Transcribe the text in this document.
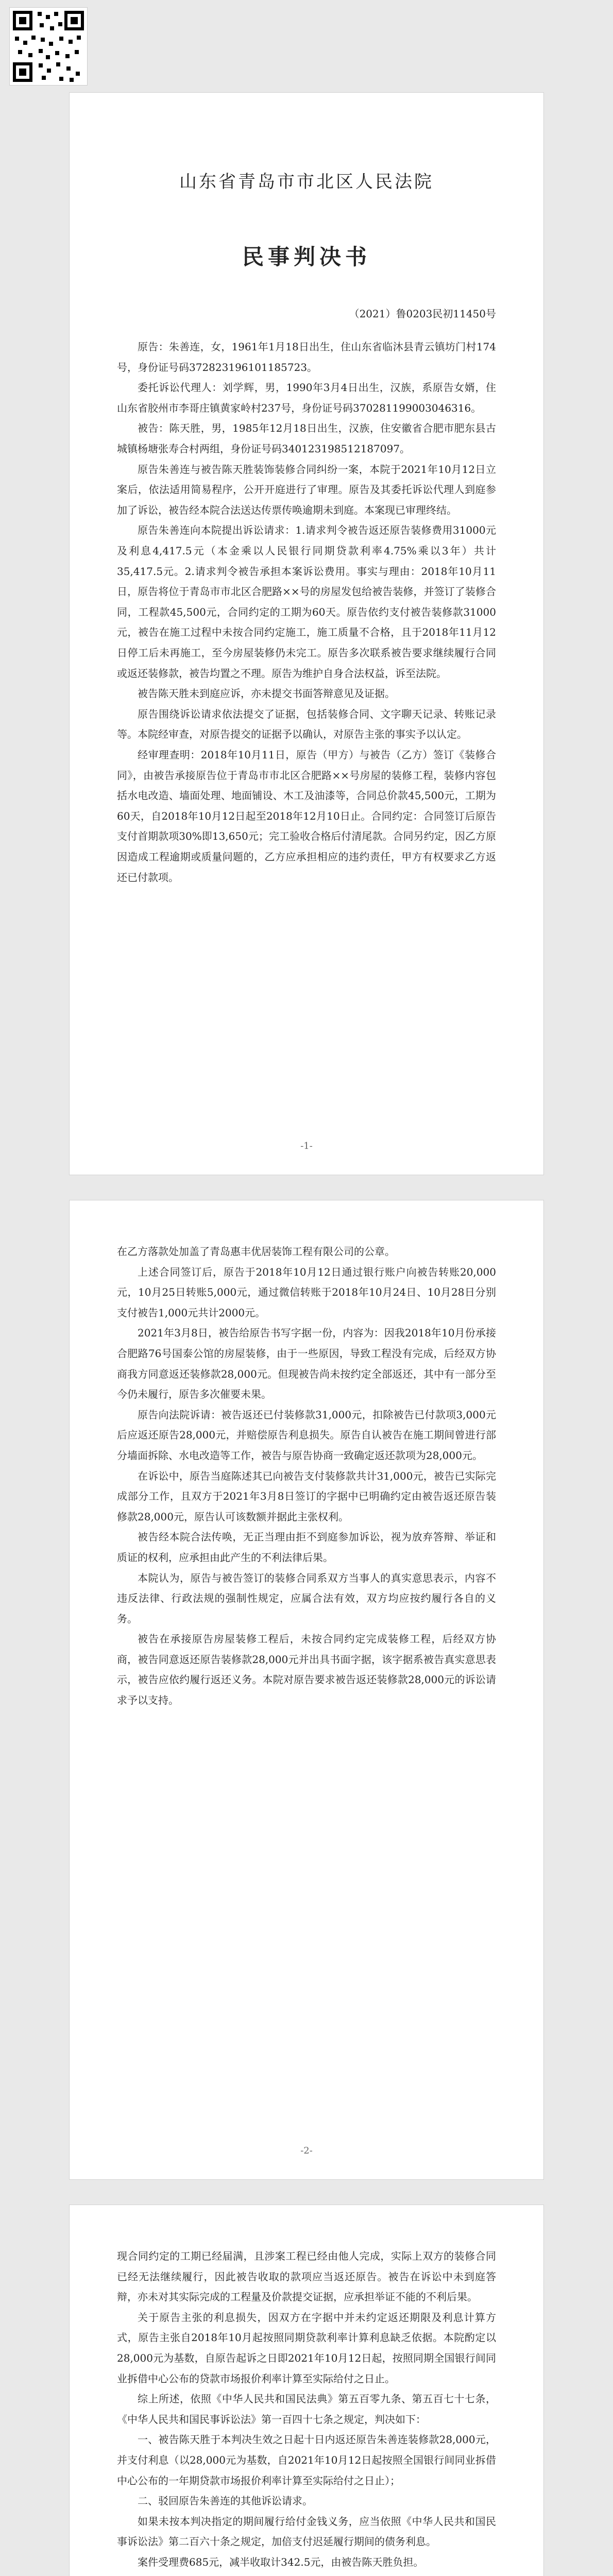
山东省青岛市市北区人民法院
民事判决书
（2021）鲁0203民初11450号

原告：朱善连，女，1961年1月18日出生，住山东省临沐县青云镇坊门村174号，身份证号码372823196101185723。

委托诉讼代理人：刘学辉，男，1990年3月4日出生，汉族，系原告女婿，住山东省胶州市李哥庄镇黄家岭村237号，身份证号码370281199003046316。

被告：陈天胜，男，1985年12月18日出生，汉族，住安徽省合肥市肥东县古城镇杨塘张寿合村两组，身份证号码340123198512187097。

原告朱善连与被告陈天胜装饰装修合同纠纷一案，本院于2021年10月12日立案后，依法适用简易程序，公开开庭进行了审理。原告及其委托诉讼代理人到庭参加了诉讼，被告经本院合法送达传票传唤逾期未到庭。本案现已审理终结。

原告朱善连向本院提出诉讼请求：1.请求判令被告返还原告装修费用31000元及利息4,417.5元（本金乘以人民银行同期贷款利率4.75%乘以3年）共计35,417.5元。2.请求判令被告承担本案诉讼费用。事实与理由：2018年10月11日，原告将位于青岛市市北区合肥路××号的房屋发包给被告装修，并签订了装修合同，工程款45,500元，合同约定的工期为60天。原告依约支付被告装修款31000元，被告在施工过程中未按合同约定施工，施工质量不合格，且于2018年11月12日停工后未再施工，至今房屋装修仍未完工。原告多次联系被告要求继续履行合同或返还装修款，被告均置之不理。原告为维护自身合法权益，诉至法院。

被告陈天胜未到庭应诉，亦未提交书面答辩意见及证据。

原告围绕诉讼请求依法提交了证据，包括装修合同、文字聊天记录、转账记录等。本院经审查，对原告提交的证据予以确认，对原告主张的事实予以认定。

经审理查明：2018年10月11日，原告（甲方）与被告（乙方）签订《装修合同》，由被告承接原告位于青岛市市北区合肥路××号房屋的装修工程，装修内容包括水电改造、墙面处理、地面铺设、木工及油漆等，合同总价款45,500元，工期为60天，自2018年10月12日起至2018年12月10日止。合同约定：合同签订后原告支付首期款项30%即13,650元；完工验收合格后付清尾款。合同另约定，因乙方原因造成工程逾期或质量问题的，乙方应承担相应的违约责任，甲方有权要求乙方返还已付款项。

-1-

在乙方落款处加盖了青岛惠丰优居装饰工程有限公司的公章。

上述合同签订后，原告于2018年10月12日通过银行账户向被告转账20,000元，10月25日转账5,000元，通过微信转账于2018年10月24日、10月28日分别支付被告1,000元共计2000元。

2021年3月8日，被告给原告书写字据一份，内容为：因我2018年10月份承接合肥路76号国泰公馆的房屋装修，由于一些原因，导致工程没有完成，后经双方协商我方同意返还装修款28,000元。但现被告尚未按约定全部返还，其中有一部分至今仍未履行，原告多次催要未果。

原告向法院诉请：被告返还已付装修款31,000元，扣除被告已付款项3,000元后应返还原告28,000元，并赔偿原告利息损失。原告自认被告在施工期间曾进行部分墙面拆除、水电改造等工作，被告与原告协商一致确定返还款项为28,000元。

在诉讼中，原告当庭陈述其已向被告支付装修款共计31,000元，被告已实际完成部分工作，且双方于2021年3月8日签订的字据中已明确约定由被告返还原告装修款28,000元，原告认可该数额并据此主张权利。

被告经本院合法传唤，无正当理由拒不到庭参加诉讼，视为放弃答辩、举证和质证的权利，应承担由此产生的不利法律后果。

本院认为，原告与被告签订的装修合同系双方当事人的真实意思表示，内容不违反法律、行政法规的强制性规定，应属合法有效，双方均应按约履行各自的义务。

被告在承接原告房屋装修工程后，未按合同约定完成装修工程，后经双方协商，被告同意返还原告装修款28,000元并出具书面字据，该字据系被告真实意思表示，被告应依约履行返还义务。本院对原告要求被告返还装修款28,000元的诉讼请求予以支持。

-2-

现合同约定的工期已经届满，且涉案工程已经由他人完成，实际上双方的装修合同已经无法继续履行，因此被告收取的款项应当返还原告。被告在诉讼中未到庭答辩，亦未对其实际完成的工程量及价款提交证据，应承担举证不能的不利后果。

关于原告主张的利息损失，因双方在字据中并未约定返还期限及利息计算方式，原告主张自2018年10月起按照同期贷款利率计算利息缺乏依据。本院酌定以28,000元为基数，自原告起诉之日即2021年10月12日起，按照同期全国银行间同业拆借中心公布的贷款市场报价利率计算至实际给付之日止。

综上所述，依照《中华人民共和国民法典》第五百零九条、第五百七十七条，《中华人民共和国民事诉讼法》第一百四十七条之规定，判决如下：

一、被告陈天胜于本判决生效之日起十日内返还原告朱善连装修款28,000元，并支付利息（以28,000元为基数，自2021年10月12日起按照全国银行间同业拆借中心公布的一年期贷款市场报价利率计算至实际给付之日止）；

二、驳回原告朱善连的其他诉讼请求。

如果未按本判决指定的期间履行给付金钱义务，应当依照《中华人民共和国民事诉讼法》第二百六十条之规定，加倍支付迟延履行期间的债务利息。

案件受理费685元，减半收取计342.5元，由被告陈天胜负担。
